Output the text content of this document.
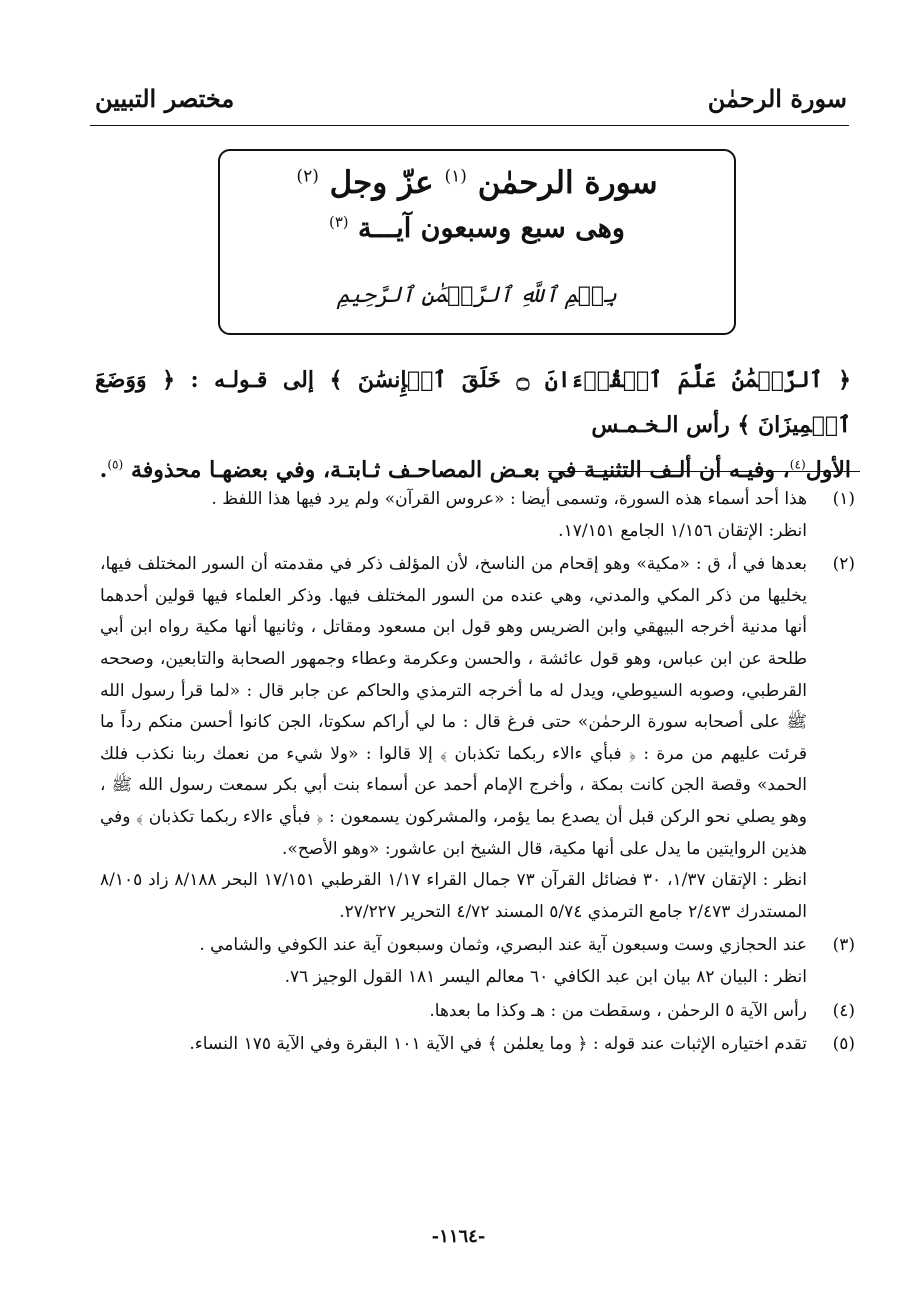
سورة الرحمٰن
مختصر التبيين
سورة الرحمٰن $^{(١)}$ عزّ وجل $^{(٢)}$
وهى سبع وسبعون آيـــة $^{(٣)}$
بِسۡمِ ٱللَّهِ ٱلرَّحۡمَٰنِ ٱلرَّحِيمِ

﴿ ٱلرَّحۡمَٰنُ عَلَّمَ ٱلۡقُرۡءَانَ ۝ خَلَقَ ٱلۡإِنسَٰنَ ﴾ إلى قـولـه : ﴿ وَوَضَعَ ٱلۡمِيزَانَ ﴾ رأس الـخـمـس

الأول$^{(٤)}$، وفيـه أن ألـف التثنيـة في بعـض المصاحـف ثـابتـة، وفي بعضهـا محذوفة $^{(٥)}$.

(١)

هذا أحد أسماء هذه السورة، وتسمى أيضا : «عروس القرآن» ولم يرد فيها هذا اللفظ .

انظر: الإتقان ١/١٥٦ الجامع ١٧/١٥١.

(٢)

بعدها في أ، ق : «مكية» وهو إقحام من الناسخ، لأن المؤلف ذكر في مقدمته أن السور المختلف فيها، يخليها من ذكر المكي والمدني، وهي عنده من السور المختلف فيها. وذكر العلماء فيها قولين أحدهما أنها مدنية أخرجه البيهقي وابن الضريس وهو قول ابن مسعود ومقاتل ، وثانيها أنها مكية رواه ابن أبي طلحة عن ابن عباس، وهو قول عائشة ، والحسن وعكرمة وعطاء وجمهور الصحابة والتابعين، وصححه القرطبي، وصوبه السيوطي، ويدل له ما أخرجه الترمذي والحاكم عن جابر قال : «لما قرأ رسول الله ﷺ على أصحابه سورة الرحمٰن» حتى فرغ قال : ما لي أراكم سكوتا، الجن كانوا أحسن منكم رداً ما قرئت عليهم من مرة : ﴿ فبأي ءالاء ربكما تكذبان ﴾ إلا قالوا : «ولا شيء من نعمك ربنا نكذب فلك الحمد» وقصة الجن كانت بمكة ، وأخرج الإمام أحمد عن أسماء بنت أبي بكر سمعت رسول الله ﷺ ، وهو يصلي نحو الركن قبل أن يصدع بما يؤمر، والمشركون يسمعون : ﴿ فبأي ءالاء ربكما تكذبان ﴾ وفي هذين الروايتين ما يدل على أنها مكية، قال الشيخ ابن عاشور: «وهو الأصح».

انظر : الإتقان ١/٣٧، ٣٠ فضائل القرآن ٧٣ جمال القراء ١/١٧ القرطبي ١٧/١٥١ البحر ٨/١٨٨ زاد ٨/١٠٥ المستدرك ٢/٤٧٣ جامع الترمذي ٥/٧٤ المسند ٤/٧٢ التحرير ٢٧/٢٢٧.

(٣)

عند الحجازي وست وسبعون آية عند البصري، وثمان وسبعون آية عند الكوفي والشامي .

انظر : البيان ٨٢ بيان ابن عبد الكافي ٦٠ معالم اليسر ١٨١ القول الوجيز ٧٦.

(٤)

رأس الآية ٥ الرحمٰن ، وسقطت من : هـ وكذا ما بعدها.

(٥)

تقدم اختياره الإثبات عند قوله : ﴿ وما يعلمٰن ﴾ في الآية ١٠١ البقرة وفي الآية ١٧٥ النساء.

-١١٦٤-
